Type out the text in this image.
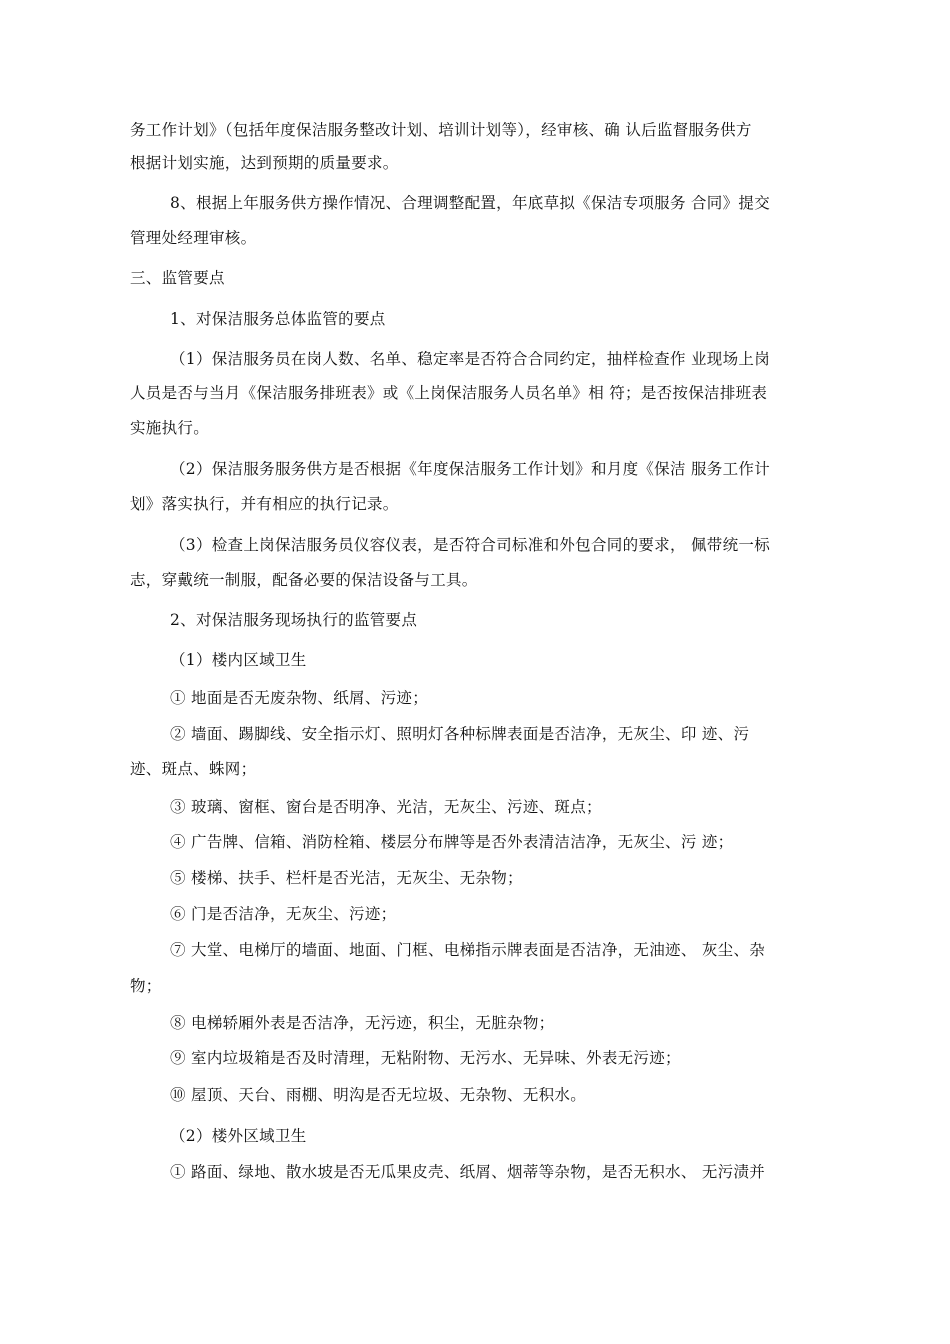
务工作计划》（包括年度保洁服务整改计划、培训计划等），经审核、确 认后监督服务供方
根据计划实施，达到预期的质量要求。
8、根据上年服务供方操作情况、合理调整配置，年底草拟《保洁专项服务 合同》提交
管理处经理审核。
三、监管要点
1、对保洁服务总体监管的要点
（1）保洁服务员在岗人数、名单、稳定率是否符合合同约定，抽样检查作 业现场上岗
人员是否与当月《保洁服务排班表》或《上岗保洁服务人员名单》相 符；是否按保洁排班表
实施执行。
（2）保洁服务服务供方是否根据《年度保洁服务工作计划》和月度《保洁 服务工作计
划》落实执行，并有相应的执行记录。
（3）检查上岗保洁服务员仪容仪表，是否符合司标准和外包合同的要求， 佩带统一标
志，穿戴统一制服，配备必要的保洁设备与工具。
2、对保洁服务现场执行的监管要点
（1）楼内区域卫生
① 地面是否无废杂物、纸屑、污迹；
② 墙面、踢脚线、安全指示灯、照明灯各种标牌表面是否洁净，无灰尘、印 迹、污
迹、斑点、蛛网；
③ 玻璃、窗框、窗台是否明净、光洁，无灰尘、污迹、斑点；
④ 广告牌、信箱、消防栓箱、楼层分布牌等是否外表清洁洁净，无灰尘、污 迹；
⑤ 楼梯、扶手、栏杆是否光洁，无灰尘、无杂物；
⑥ 门是否洁净，无灰尘、污迹；
⑦ 大堂、电梯厅的墙面、地面、门框、电梯指示牌表面是否洁净，无油迹、 灰尘、杂
物；
⑧ 电梯轿厢外表是否洁净，无污迹，积尘，无脏杂物；
⑨ 室内垃圾箱是否及时清理，无粘附物、无污水、无异味、外表无污迹；
⑩ 屋顶、天台、雨棚、明沟是否无垃圾、无杂物、无积水。
（2）楼外区域卫生
① 路面、绿地、散水坡是否无瓜果皮壳、纸屑、烟蒂等杂物，是否无积水、 无污渍并
